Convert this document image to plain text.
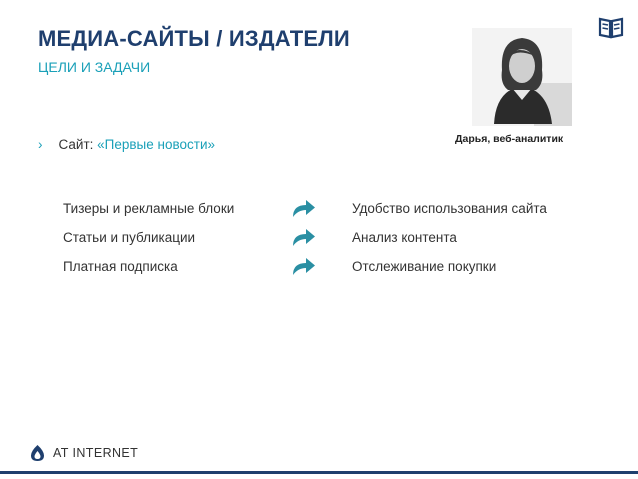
МЕДИА-САЙТЫ / ИЗДАТЕЛИ
ЦЕЛИ И ЗАДАЧИ
Дарья, веб-аналитик
› Сайт: «Первые новости»
Тизеры и рекламные блоки	Удобство использования сайта
Статьи и публикации	Анализ контента
Платная подписка	Отслеживание покупки
AT INTERNET
